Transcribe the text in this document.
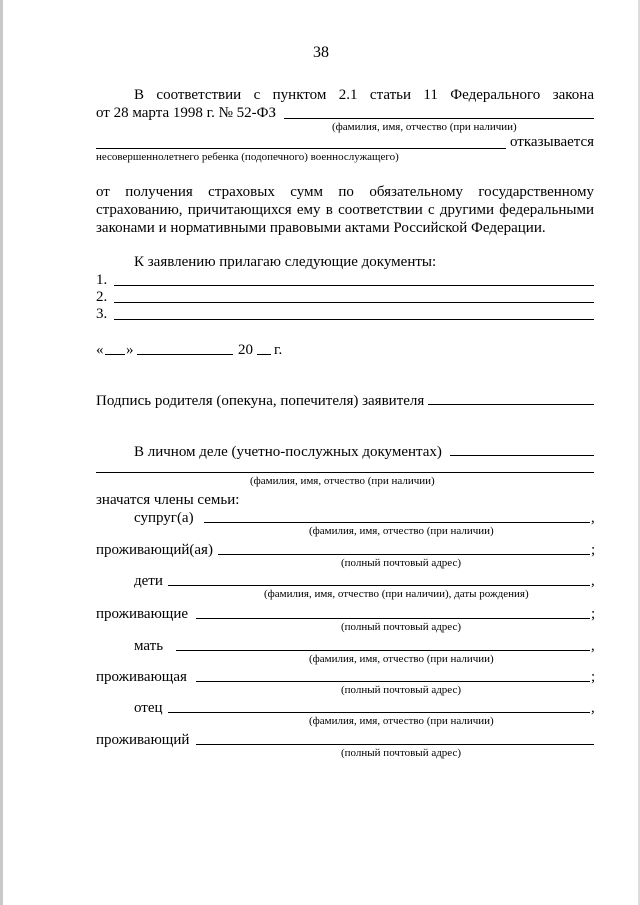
38
В соответствии с пунктом 2.1 статьи 11 Федерального закона
от 28 марта 1998 г. № 52-ФЗ
(фамилия, имя, отчество (при наличии)
отказывается
несовершеннолетнего ребенка (подопечного) военнослужащего)
от получения страховых сумм по обязательному государственному
страхованию, причитающихся ему в соответствии с другими федеральными
законами и нормативными правовыми актами Российской Федерации.
К заявлению прилагаю следующие документы:
1.
2.
3.
« »	20 г.
Подпись родителя (опекуна, попечителя) заявителя
В личном деле (учетно-послужных документах)
(фамилия, имя, отчество (при наличии)
значатся члены семьи:
супруг(а)	,
(фамилия, имя, отчество (при наличии)
проживающий(ая)	;
(полный почтовый адрес)
дети	,
(фамилия, имя, отчество (при наличии), даты рождения)
проживающие	;
(полный почтовый адрес)
мать	,
(фамилия, имя, отчество (при наличии)
проживающая	;
(полный почтовый адрес)
отец	,
(фамилия, имя, отчество (при наличии)
проживающий
(полный почтовый адрес)
